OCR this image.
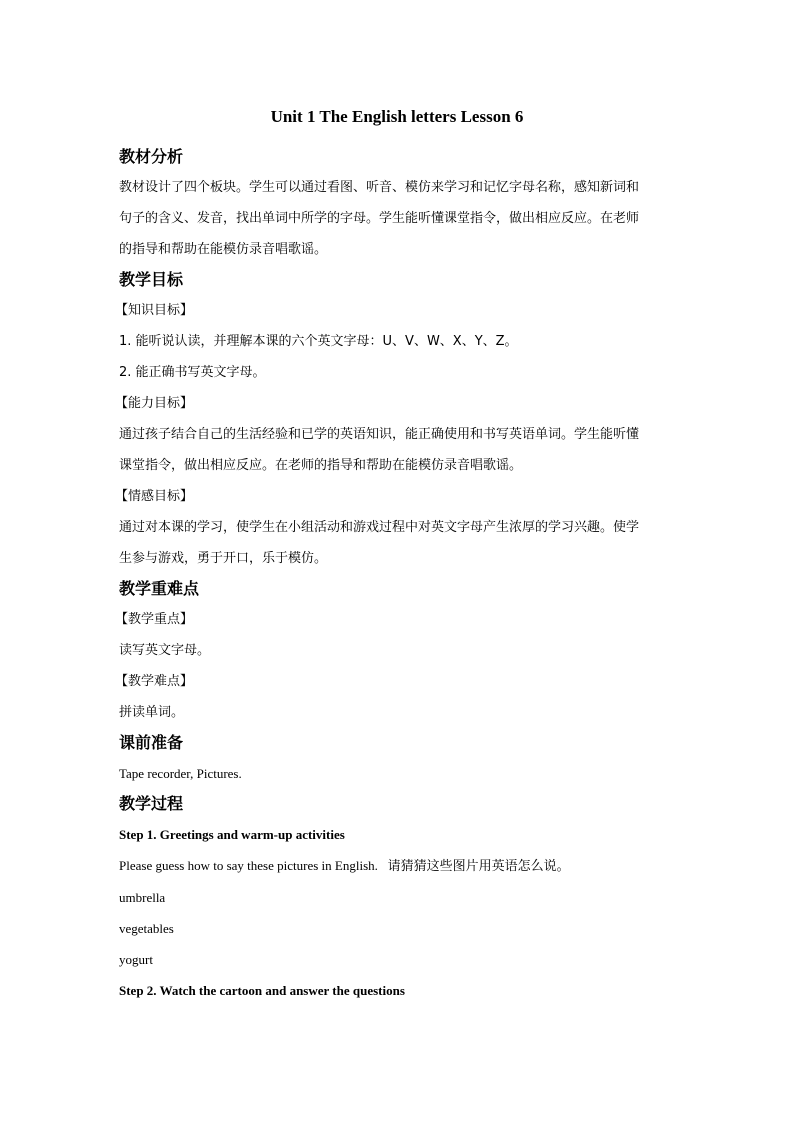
Unit 1 The English letters Lesson 6
教材分析
教材设计了四个板块。学生可以通过看图、听音、模仿来学习和记忆字母名称，感知新词和
句子的含义、发音，找出单词中所学的字母。学生能听懂课堂指令，做出相应反应。在老师
的指导和帮助在能模仿录音唱歌谣。
教学目标
【知识目标】
1. 能听说认读，并理解本课的六个英文字母：U、V、W、X、Y、Z。
2. 能正确书写英文字母。
【能力目标】
通过孩子结合自己的生活经验和已学的英语知识，能正确使用和书写英语单词。学生能听懂
课堂指令，做出相应反应。在老师的指导和帮助在能模仿录音唱歌谣。
【情感目标】
通过对本课的学习，使学生在小组活动和游戏过程中对英文字母产生浓厚的学习兴趣。使学
生参与游戏，勇于开口，乐于模仿。
教学重难点
【教学重点】
读写英文字母。
【教学难点】
拼读单词。
课前准备
Tape recorder, Pictures.
教学过程
Step 1. Greetings and warm-up activities
Please guess how to say these pictures in English. 请猜猜这些图片用英语怎么说。
umbrella
vegetables
yogurt
Step 2. Watch the cartoon and answer the questions
